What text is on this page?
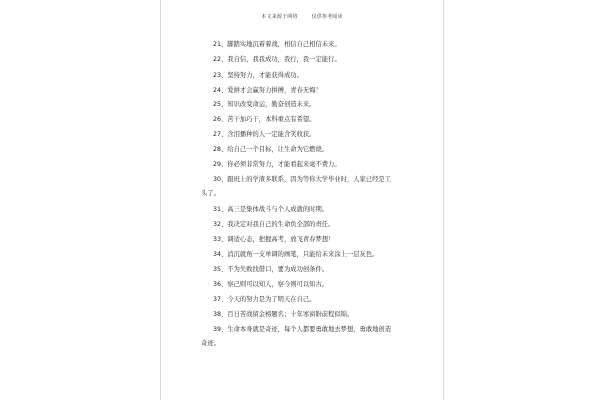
本文来源于网络	仅供参考阅读
21、脚踏实地沉着着战，相信自己相信未来。
22、我自信，我我成功，我行，我一定能行。
23、坚持努力，才能获得成功。
24、爱拼才会赢努力拼搏，青春无悔！
25、知识改变命运，勤奋创造未来。
26、苦干加巧干，本科重点有希望。
27、含泪播种的人一定能含笑收获。
28、给自己一个目标，让生命为它燃烧。
29、你必须非常努力，才能看起来毫不费力。
30、跟班上的学渣多联系，因为等你大学毕业时，人家已经是工
头了。
31、高三是集体战斗与个人成就的时期。
32、我决定对我自己的生命负全部的责任。
33、调适心态，把握高考，放飞青春梦想！
34、消沉就角一支单调的画笔，只能给未来涂上一层灰色。
35、不为失败找借口，要为成功创条件。
36、察己则可以知人，察今则可以知古。
37、今天的努力是为了明天在自己。
38、百日苦战留金榜题名；十年寒窗盼前程似锦。
39、生命本身就是奇迹，每个人都要勇敢地去梦想，勇敢地创造
奇迹。
